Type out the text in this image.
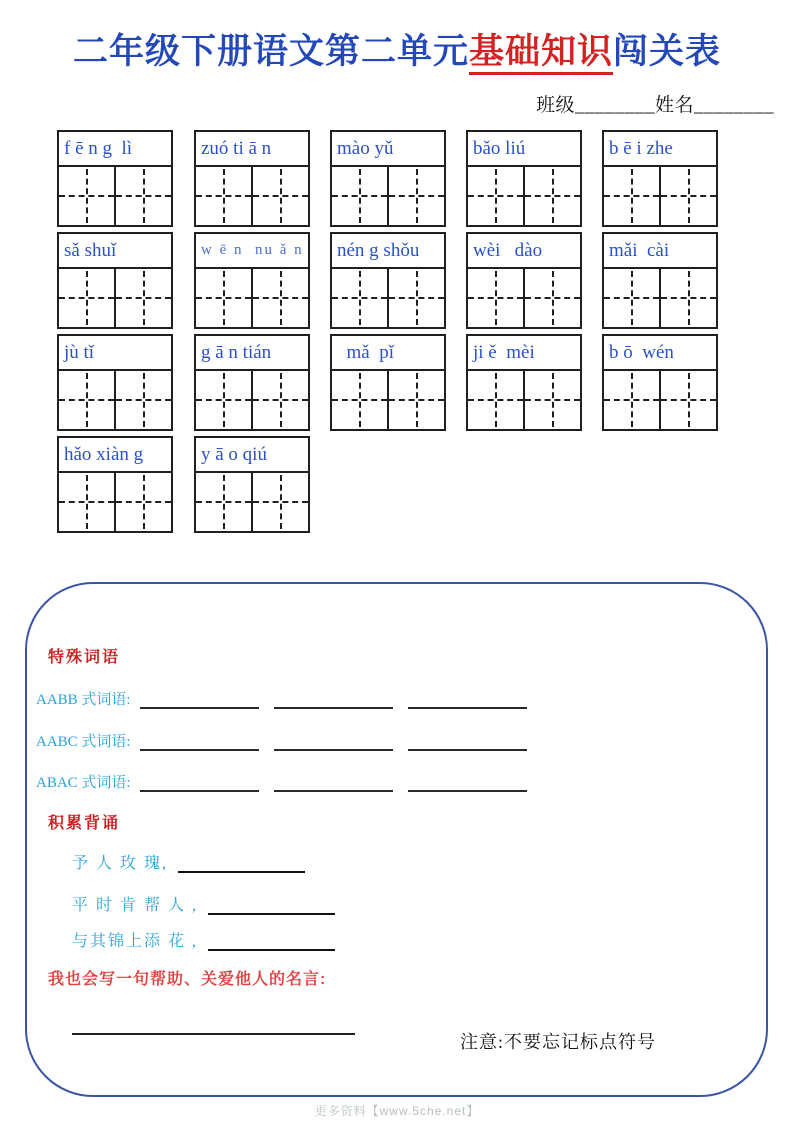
二年级下册语文第二单元基础知识闯关表
班级________姓名________
f ē n g  lì
sǎ shuǐ
jù tǐ
hǎo xiàn g
zuó ti ā n
w ē n  nu ǎ n
g ā n tián
y ā o qiú
mào yǔ
nén g shǒu
mǎ  pǐ
bǎo liú
wèi   dào
ji ě  mèi
b ē i zhe
mǎi  cài
b ō  wén
特殊词语
AABB 式词语:
AABC 式词语:
ABAC 式词语:
积累背诵
予 人 玫 瑰,
平 时 肯 帮 人 ,
与其锦上添 花 ,
我也会写一句帮助、关爱他人的名言:
注意:不要忘记标点符号
更多资料【www.5che.net】
